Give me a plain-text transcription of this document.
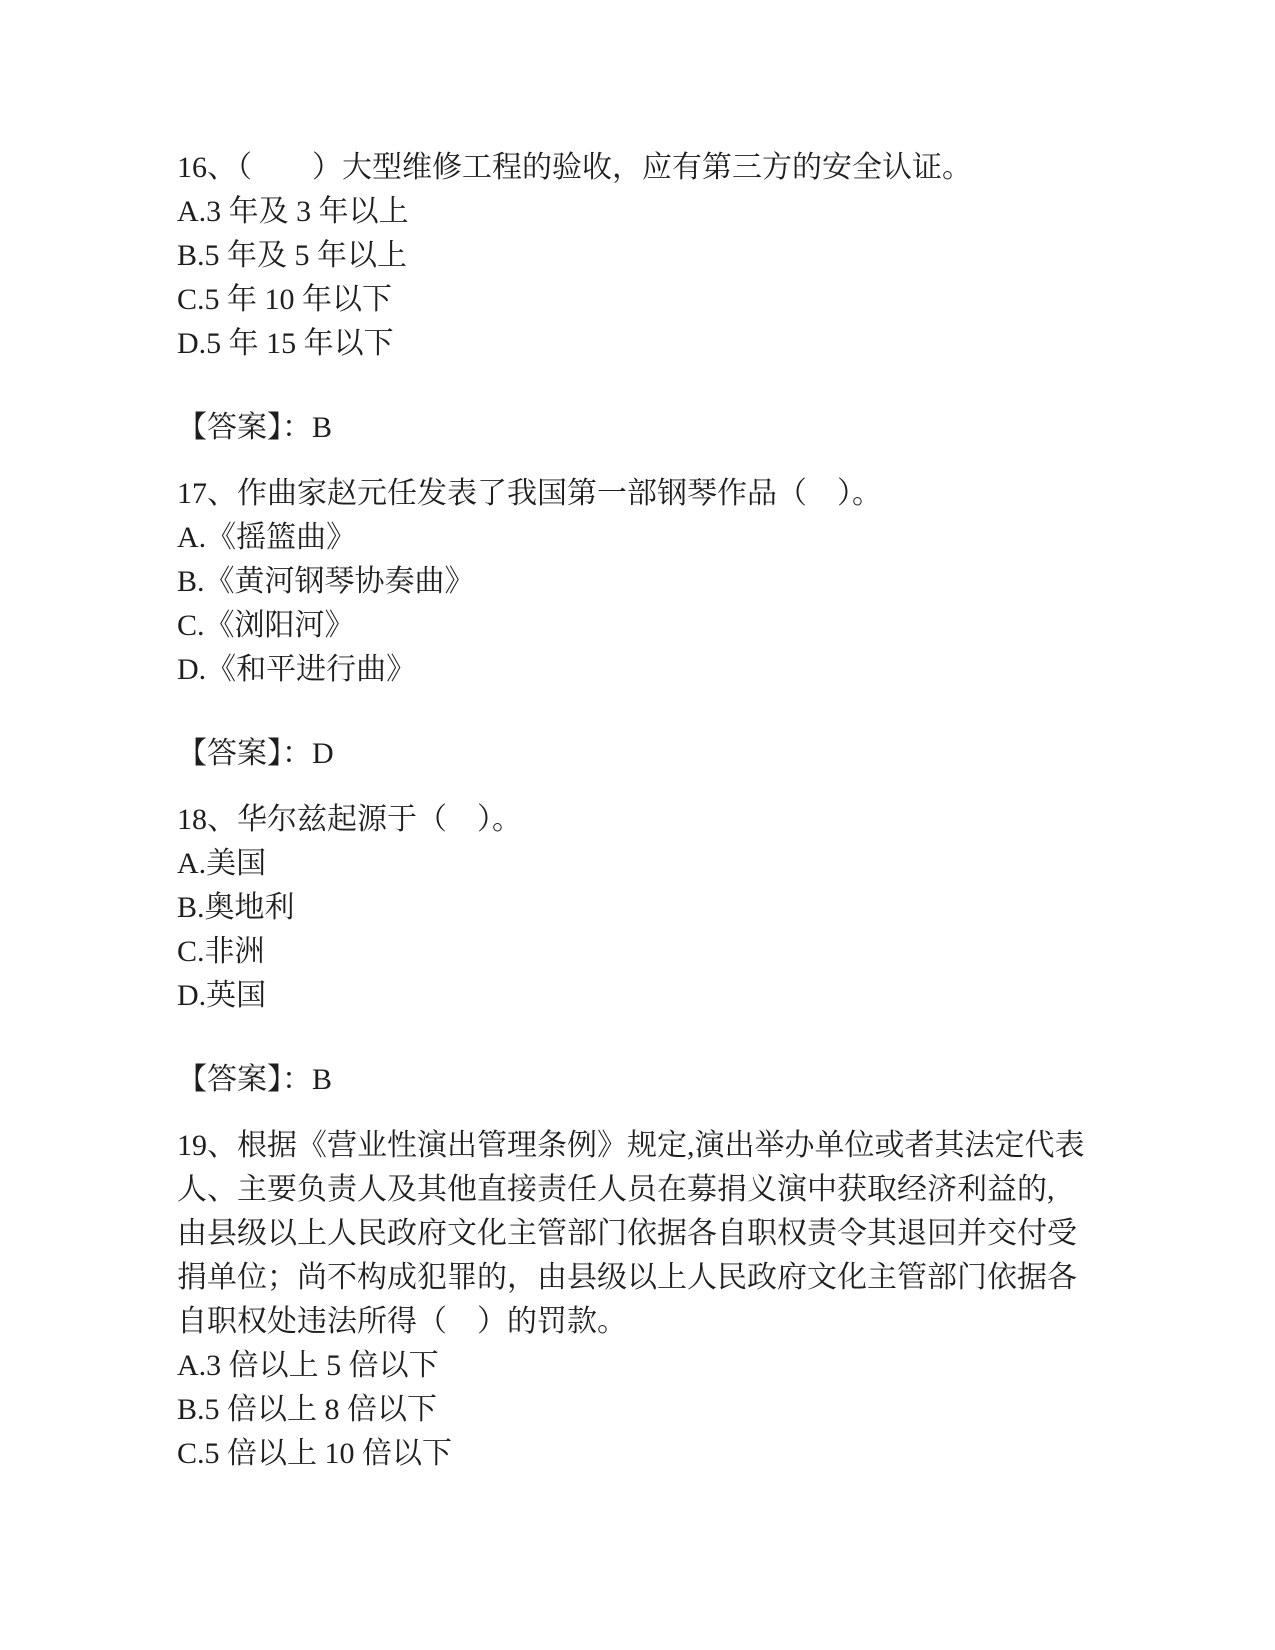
16、（　　）大型维修工程的验收，应有第三方的安全认证。
A.3 年及 3 年以上
B.5 年及 5 年以上
C.5 年 10 年以下
D.5 年 15 年以下
【答案】：B
17、作曲家赵元任发表了我国第一部钢琴作品（　）。
A.《摇篮曲》
B.《黄河钢琴协奏曲》
C.《浏阳河》
D.《和平进行曲》
【答案】：D
18、华尔兹起源于（　）。
A.美国
B.奥地利
C.非洲
D.英国
【答案】：B
19、根据《营业性演出管理条例》规定,演出举办单位或者其法定代表
人、主要负责人及其他直接责任人员在募捐义演中获取经济利益的,
由县级以上人民政府文化主管部门依据各自职权责令其退回并交付受
捐单位；尚不构成犯罪的，由县级以上人民政府文化主管部门依据各
自职权处违法所得（　）的罚款。
A.3 倍以上 5 倍以下
B.5 倍以上 8 倍以下
C.5 倍以上 10 倍以下
